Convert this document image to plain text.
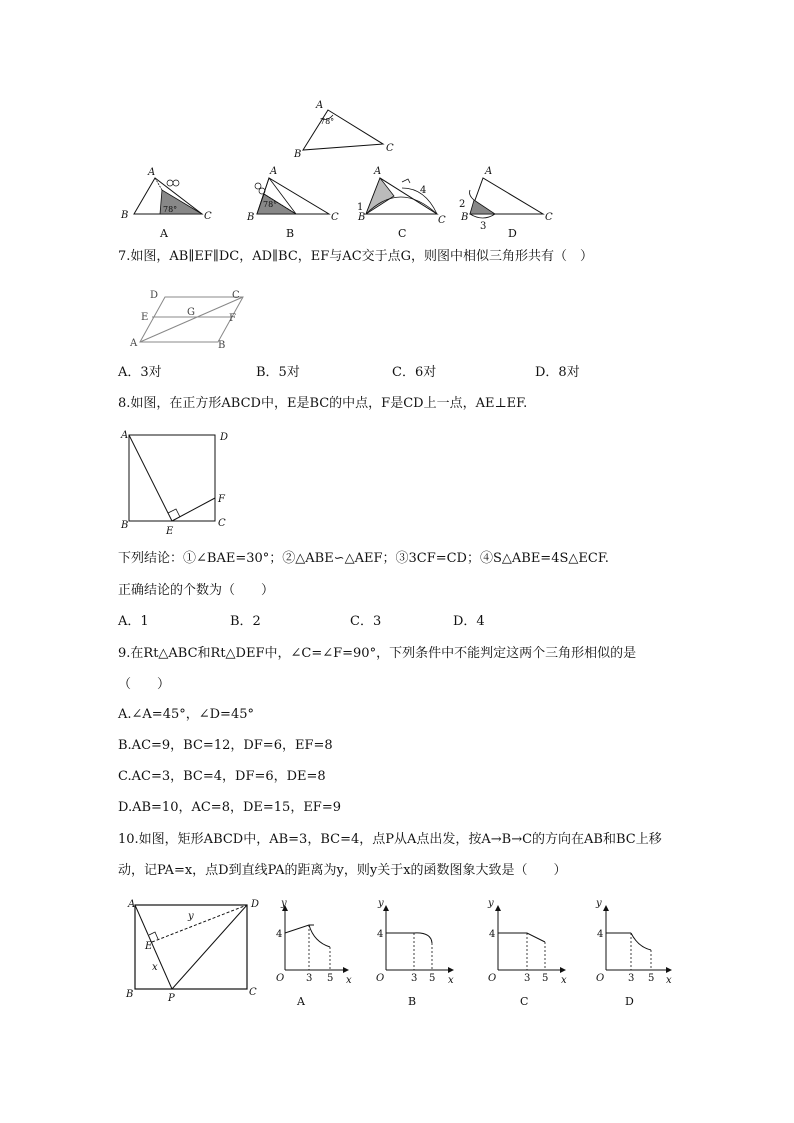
A
B
C
78°
A
B	C
78°
A
A
B	C
78°
B
A
B	C
1
4
C
A
B	C
2
3
D
7.如图，AB∥EF∥DC，AD∥BC，EF与AC交于点G，则图中相似三角形共有（　）
D	C
E	G
F
A	B
A．3对	B．5对	C．6对	D．8对
8.如图，在正方形ABCD中，E是BC的中点，F是CD上一点，AE⊥EF.
A	D
B
E
C
F
下列结论：①∠BAE=30°；②△ABE∽△AEF；③3CF=CD；④S△ABE=4S△ECF.
正确结论的个数为（　　）
A．1	B．2	C．3	D．4
9.在Rt△ABC和Rt△DEF中，∠C=∠F=90°，下列条件中不能判定这两个三角形相似的是
（　　）
A.∠A=45°，∠D=45°
B.AC=9，BC=12，DF=6，EF=8
C.AC=3，BC=4，DF=6，DE=8
D.AB=10，AC=8，DE=15，EF=9
10.如图，矩形ABCD中，AB=3，BC=4，点P从A点出发，按A→B→C的方向在AB和BC上移
动，记PA=x，点D到直线PA的距离为y，则y关于x的函数图象大致是（　　）
A	D
B	P
C
E
x
y
y
x
O
4
3 5
A
y
x
O
4
3 5
B
y
x
O
4
3 5
C
y
x
O
4
3 5
D
